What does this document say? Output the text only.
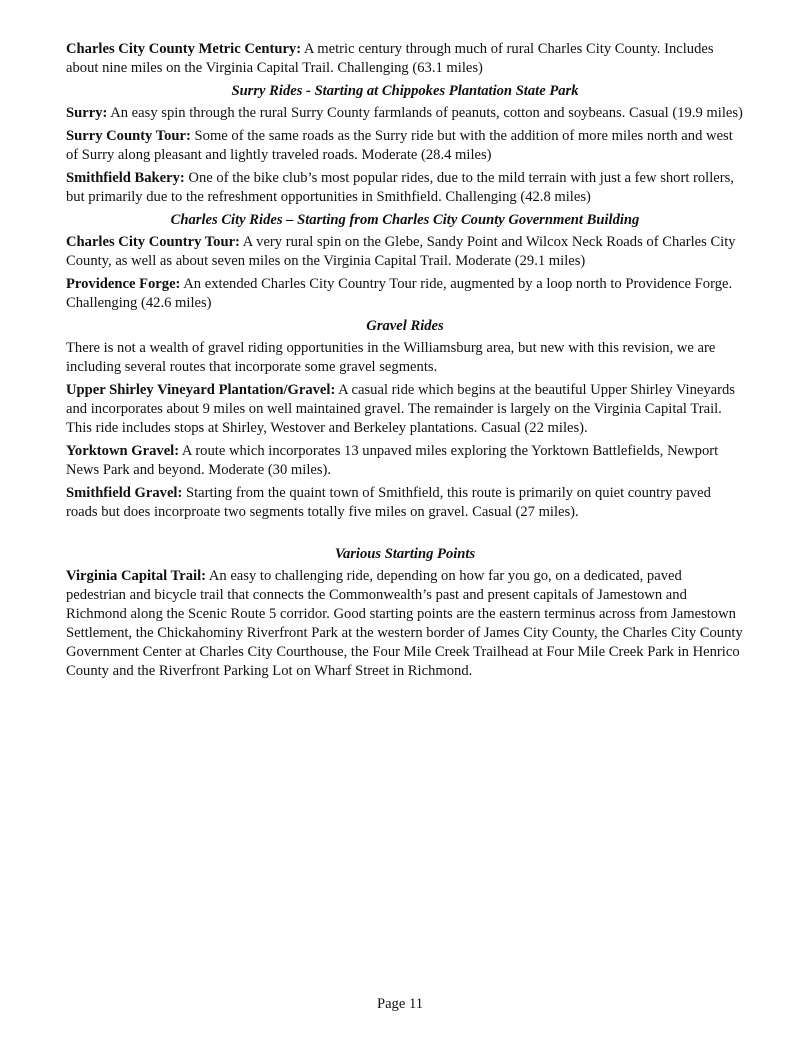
Charles City County Metric Century: A metric century through much of rural Charles City County. Includes about nine miles on the Virginia Capital Trail. Challenging (63.1 miles)

Surry Rides - Starting at Chippokes Plantation State Park

Surry: An easy spin through the rural Surry County farmlands of peanuts, cotton and soybeans. Casual (19.9 miles)

Surry County Tour: Some of the same roads as the Surry ride but with the addition of more miles north and west of Surry along pleasant and lightly traveled roads. Moderate (28.4 miles)

Smithfield Bakery: One of the bike club’s most popular rides, due to the mild terrain with just a few short rollers, but primarily due to the refreshment opportunities in Smithfield. Challenging (42.8 miles)

Charles City Rides – Starting from Charles City County Government Building

Charles City Country Tour: A very rural spin on the Glebe, Sandy Point and Wilcox Neck Roads of Charles City County, as well as about seven miles on the Virginia Capital Trail. Moderate (29.1 miles)

Providence Forge: An extended Charles City Country Tour ride, augmented by a loop north to Providence Forge. Challenging (42.6 miles)

Gravel Rides

There is not a wealth of gravel riding opportunities in the Williamsburg area, but new with this revision, we are including several routes that incorporate some gravel segments.

Upper Shirley Vineyard Plantation/Gravel: A casual ride which begins at the beautiful Upper Shirley Vineyards and incorporates about 9 miles on well maintained gravel. The remainder is largely on the Virginia Capital Trail. This ride includes stops at Shirley, Westover and Berkeley plantations. Casual (22 miles).

Yorktown Gravel: A route which incorporates 13 unpaved miles exploring the Yorktown Battlefields, Newport News Park and beyond. Moderate (30 miles).

Smithfield Gravel: Starting from the quaint town of Smithfield, this route is primarily on quiet country paved roads but does incorproate two segments totally five miles on gravel. Casual (27 miles).

Various Starting Points

Virginia Capital Trail: An easy to challenging ride, depending on how far you go, on a dedicated, paved pedestrian and bicycle trail that connects the Commonwealth’s past and present capitals of Jamestown and Richmond along the Scenic Route 5 corridor. Good starting points are the eastern terminus across from Jamestown Settlement, the Chickahominy Riverfront Park at the western border of James City County, the Charles City County Government Center at Charles City Courthouse, the Four Mile Creek Trailhead at Four Mile Creek Park in Henrico County and the Riverfront Parking Lot on Wharf Street in Richmond.

Page 11
